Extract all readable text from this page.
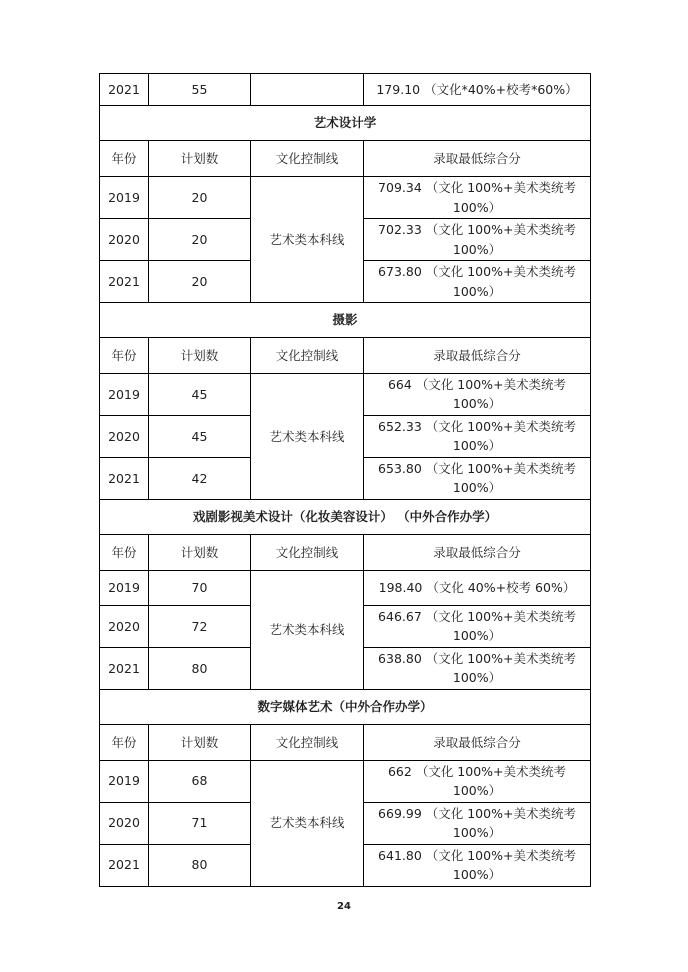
2021	55		179.10 （文化*40%+校考*60%）
艺术设计学			
年份	计划数	文化控制线	录取最低综合分
2019	20	艺术类本科线	709.34 （文化 100%+美术类统考 100%）
2020	20		702.33 （文化 100%+美术类统考 100%）
2021	20		673.80 （文化 100%+美术类统考 100%）
摄影			
年份	计划数	文化控制线	录取最低综合分
2019	45	艺术类本科线	664 （文化 100%+美术类统考 100%）
2020	45		652.33 （文化 100%+美术类统考 100%）
2021	42		653.80 （文化 100%+美术类统考 100%）
戏剧影视美术设计（化妆美容设计） （中外合作办学）			
年份	计划数	文化控制线	录取最低综合分
2019	70	艺术类本科线	198.40 （文化 40%+校考 60%）
2020	72		646.67 （文化 100%+美术类统考 100%）
2021	80		638.80 （文化 100%+美术类统考 100%）
数字媒体艺术（中外合作办学）			
年份	计划数	文化控制线	录取最低综合分
2019	68	艺术类本科线	662 （文化 100%+美术类统考 100%）
2020	71		669.99 （文化 100%+美术类统考 100%）
2021	80		641.80 （文化 100%+美术类统考 100%）
24
